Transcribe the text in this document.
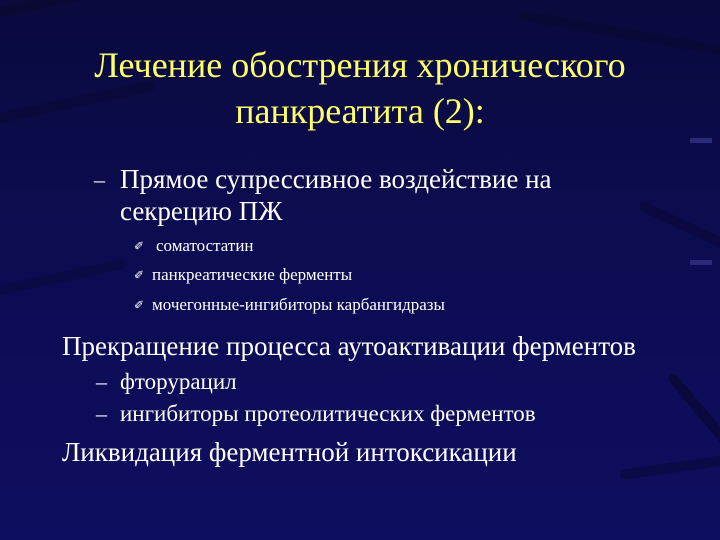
Лечение обострения хронического
панкреатита (2):
– Прямое супрессивное воздействие на
секрецию ПЖ
✐ соматостатин
✐ панкреатические ферменты
✐ мочегонные-ингибиторы карбангидразы
Прекращение процесса аутоактивации ферментов
– фторурацил
– ингибиторы протеолитических ферментов
Ликвидация ферментной интоксикации
